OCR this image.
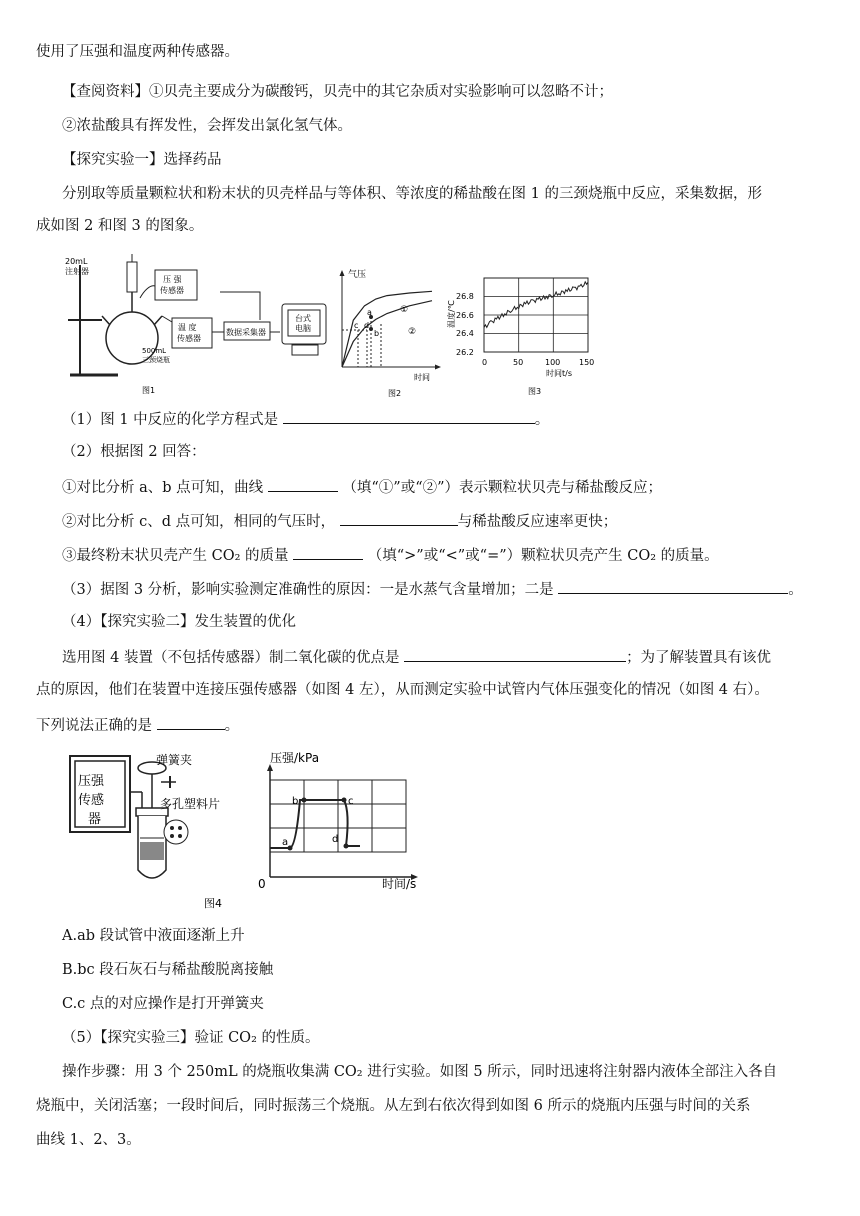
使用了压强和温度两种传感器。
【查阅资料】①贝壳主要成分为碳酸钙，贝壳中的其它杂质对实验影响可以忽略不计；
②浓盐酸具有挥发性，会挥发出氯化氢气体。
【探究实验一】选择药品
分别取等质量颗粒状和粉末状的贝壳样品与等体积、等浓度的稀盐酸在图 1 的三颈烧瓶中反应，采集数据，形
成如图 2 和图 3 的图象。
20mL
注射器
压 强
传感器
温 度
传感器
数据采集器
台式
电脑
500mL
三颈烧瓶
图1
气压
时间
a
b
c d
①
②
图2
26.8
26.6
26.4
26.2
0	50	100 150
时间t/s
温度/℃
图3
（1）图 1 中反应的化学方程式是	。
（2）根据图 2 回答：
①对比分析 a、b 点可知，曲线	（填“①”或“②”）表示颗粒状贝壳与稀盐酸反应；
②对比分析 c、d 点可知，相同的气压时，	与稀盐酸反应速率更快；
③最终粉末状贝壳产生 CO₂ 的质量	（填“>”或“<”或“=”）颗粒状贝壳产生 CO₂ 的质量。
（3）据图 3 分析，影响实验测定准确性的原因：一是水蒸气含量增加；二是	。
（4）【探究实验二】发生装置的优化
选用图 4 装置（不包括传感器）制二氧化碳的优点是	；为了解装置具有该优
点的原因，他们在装置中连接压强传感器（如图 4 左），从而测定实验中试管内气体压强变化的情况（如图 4 右）。
下列说法正确的是	。
压强
传感
器
弹簧夹
多孔塑料片
压强/kPa
0	时间/s
a
b	c
d
图4
A.ab 段试管中液面逐渐上升
B.bc 段石灰石与稀盐酸脱离接触
C.c 点的对应操作是打开弹簧夹
（5）【探究实验三】验证 CO₂ 的性质。
操作步骤：用 3 个 250mL 的烧瓶收集满 CO₂ 进行实验。如图 5 所示，同时迅速将注射器内液体全部注入各自
烧瓶中，关闭活塞；一段时间后，同时振荡三个烧瓶。从左到右依次得到如图 6 所示的烧瓶内压强与时间的关系
曲线 1、2、3。
